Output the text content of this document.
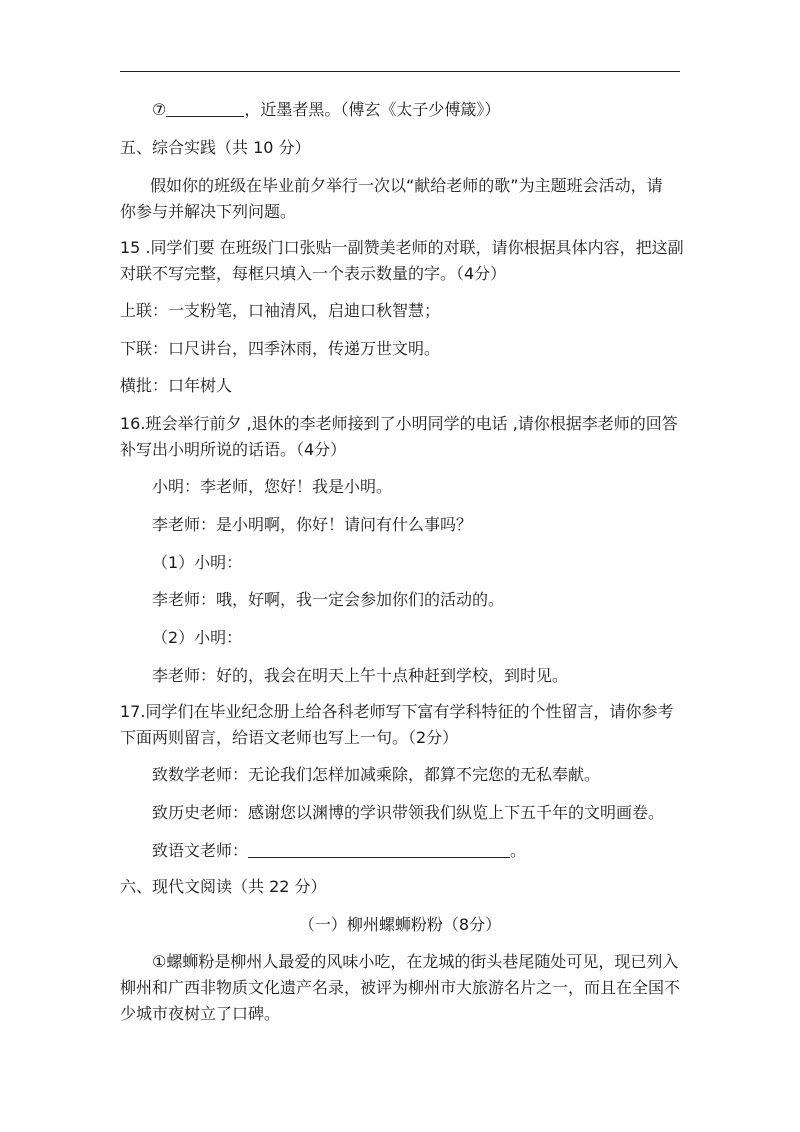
⑦	，近墨者黑。（傅玄《太子少傅箴》）
五、综合实践（共 10 分）
假如你的班级在毕业前夕举行一次以“献给老师的歌”为主题班会活动，请
你参与并解决下列问题。
15 .同学们要 在班级门口张贴一副赞美老师的对联，请你根据具体内容，把这副
对联不写完整，每框只填入一个表示数量的字。（4分）
上联：一支粉笔，口袖清风，启迪口秋智慧；
下联：口尺讲台，四季沐雨，传递万世文明。
横批：口年树人
16.班会举行前夕 ,退休的李老师接到了小明同学的电话 ,请你根据李老师的回答
补写出小明所说的话语。（4分）
小明：李老师，您好！我是小明。
李老师：是小明啊，你好！请问有什么事吗？
（1）小明：
李老师：哦，好啊，我一定会参加你们的活动的。
（2）小明：
李老师：好的，我会在明天上午十点种赶到学校，到时见。
17.同学们在毕业纪念册上给各科老师写下富有学科特征的个性留言，请你参考
下面两则留言，给语文老师也写上一句。（2分）
致数学老师：无论我们怎样加减乘除，都算不完您的无私奉献。
致历史老师：感谢您以渊博的学识带领我们纵览上下五千年的文明画卷。
致语文老师：	。
六、现代文阅读（共 22 分）
（一）柳州螺蛳粉粉（8分）
①螺蛳粉是柳州人最爱的风味小吃，在龙城的街头巷尾随处可见，现已列入
柳州和广西非物质文化遗产名录，被评为柳州市大旅游名片之一，而且在全国不
少城市夜树立了口碑。
